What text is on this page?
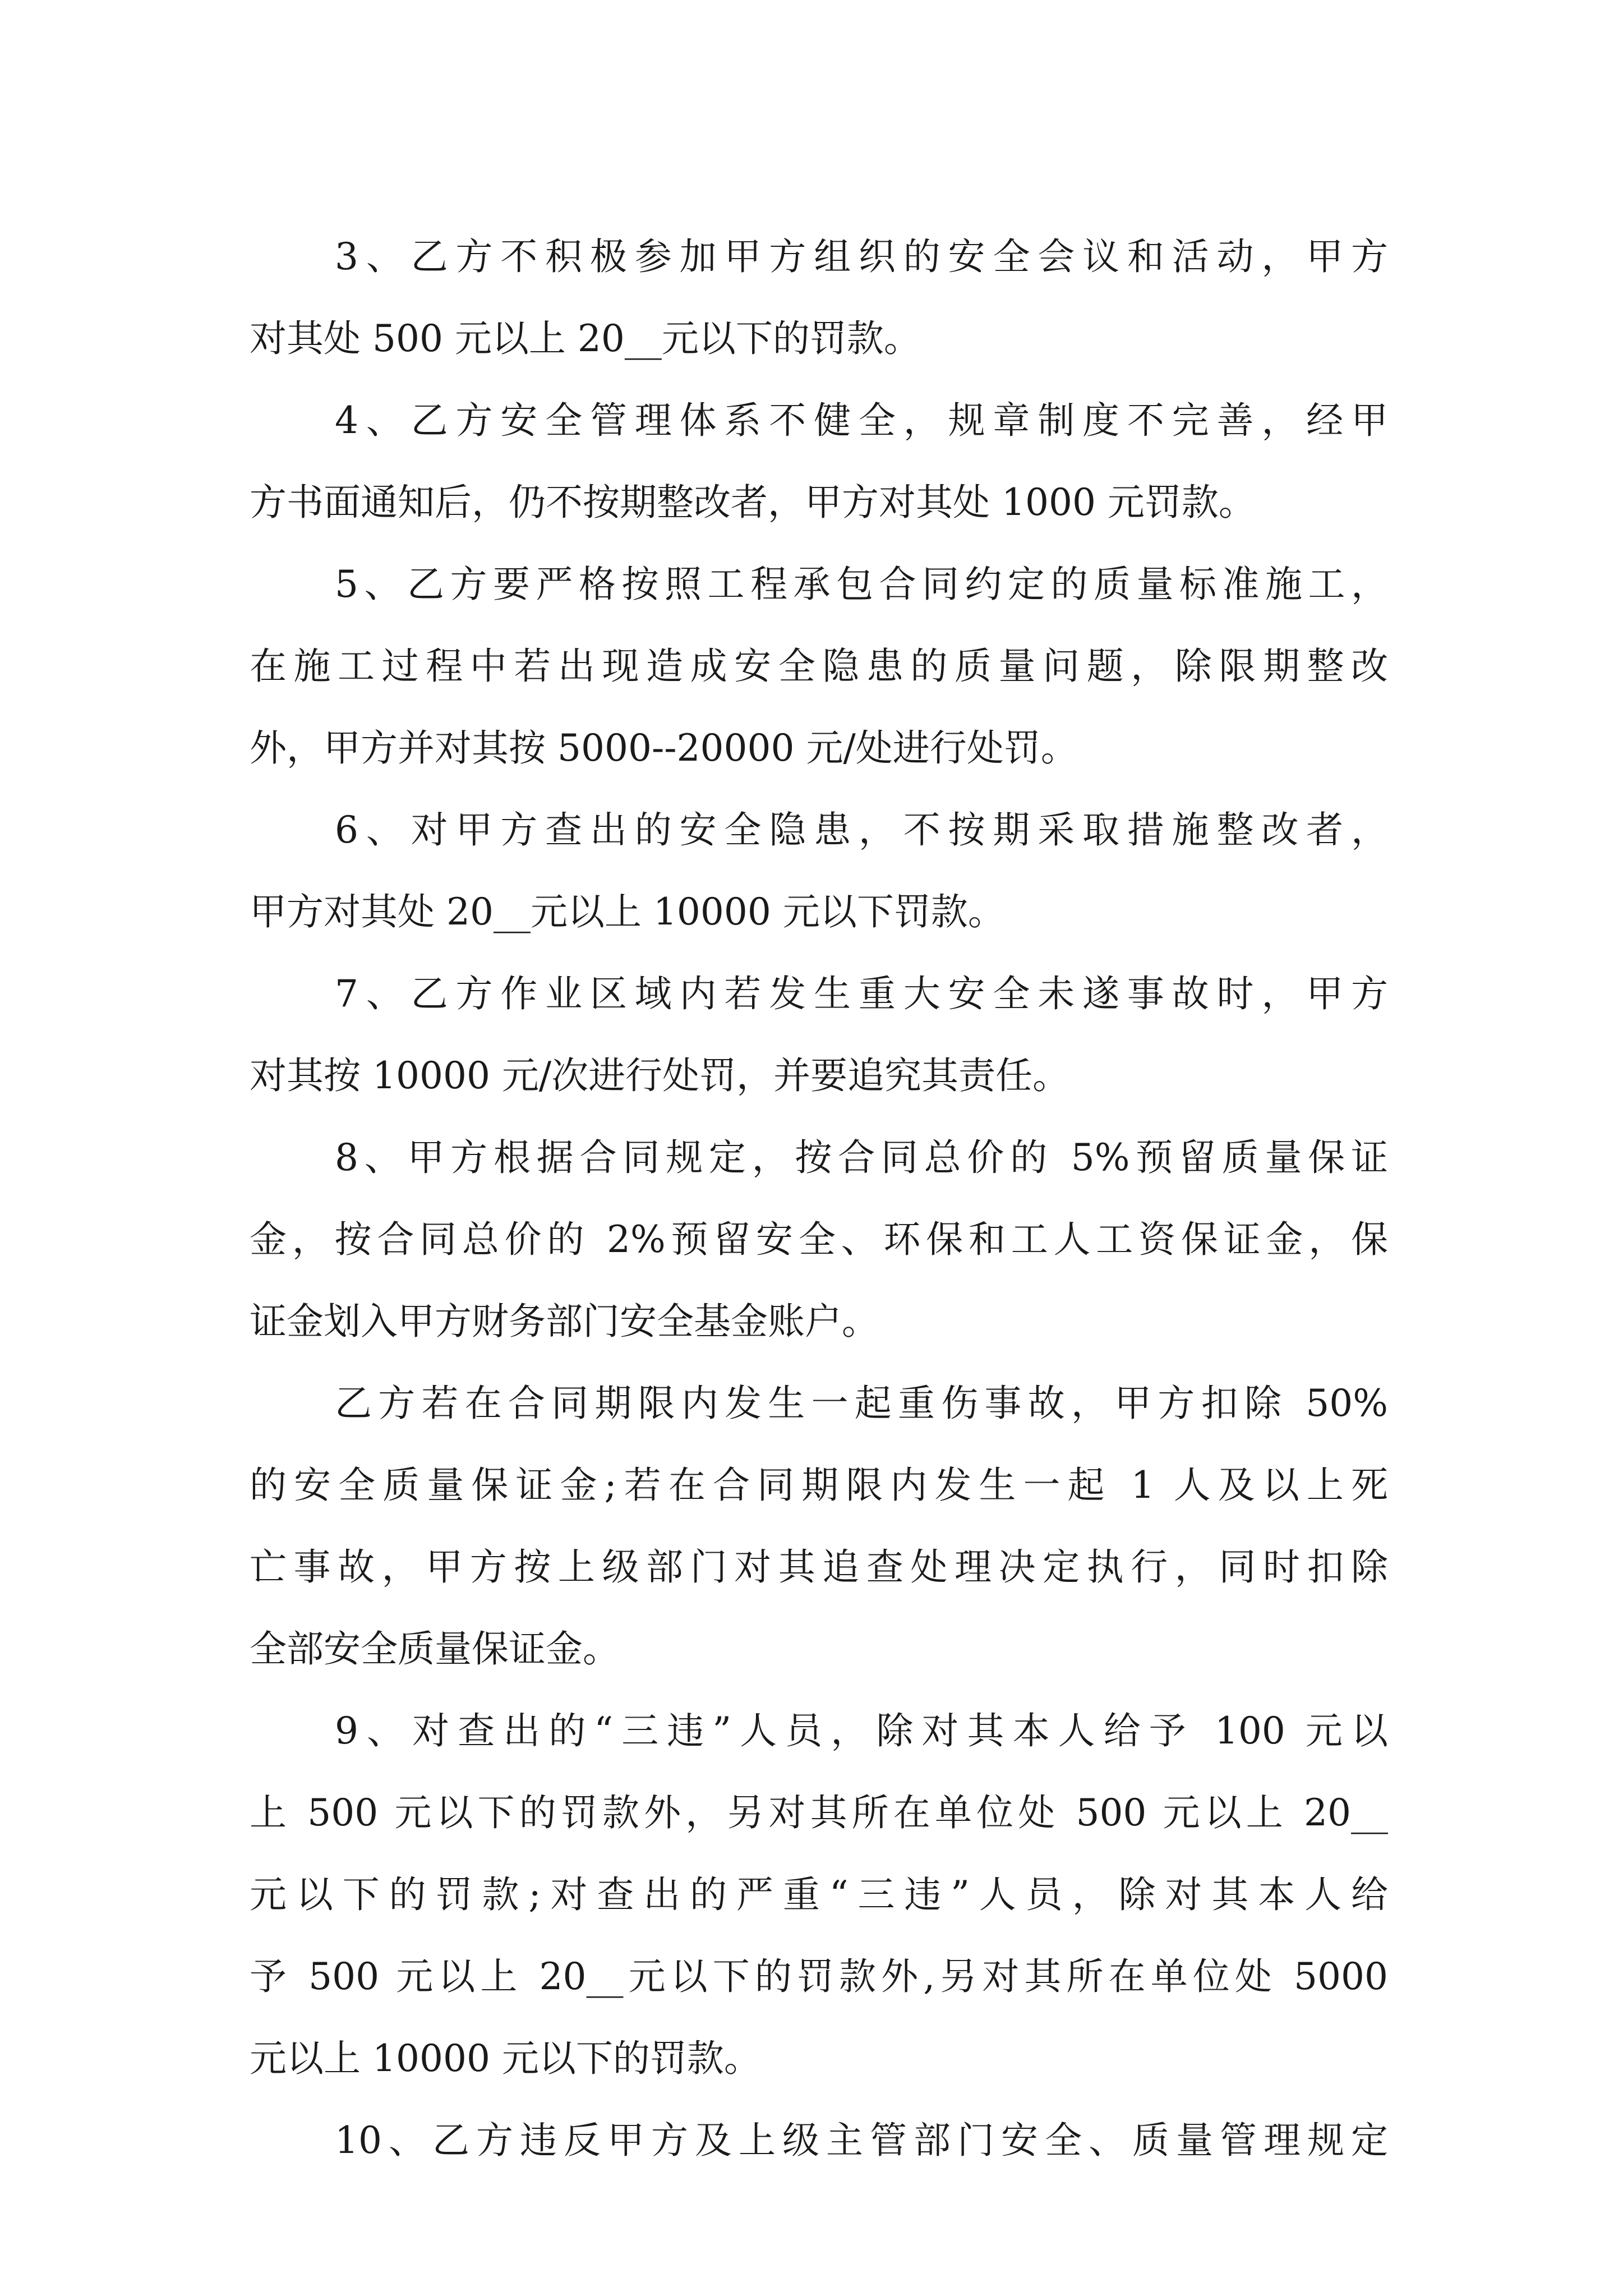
3、乙方不积极参加甲方组织的安全会议和活动，甲方
对其处 500 元以上 20__元以下的罚款。
4、乙方安全管理体系不健全，规章制度不完善，经甲
方书面通知后，仍不按期整改者，甲方对其处 1000 元罚款。
5、乙方要严格按照工程承包合同约定的质量标准施工，
在施工过程中若出现造成安全隐患的质量问题，除限期整改
外，甲方并对其按 5000--20000 元/处进行处罚。
6、对甲方查出的安全隐患，不按期采取措施整改者，
甲方对其处 20__元以上 10000 元以下罚款。
7、乙方作业区域内若发生重大安全未遂事故时，甲方
对其按 10000 元/次进行处罚，并要追究其责任。
8、甲方根据合同规定，按合同总价的 5%预留质量保证
金，按合同总价的 2%预留安全、环保和工人工资保证金，保
证金划入甲方财务部门安全基金账户。
乙方若在合同期限内发生一起重伤事故，甲方扣除 50%
的安全质量保证金;若在合同期限内发生一起 1 人及以上死
亡事故，甲方按上级部门对其追查处理决定执行，同时扣除
全部安全质量保证金。
9、对查出的“三违”人员，除对其本人给予 100 元以
上 500 元以下的罚款外，另对其所在单位处 500 元以上 20__
元以下的罚款;对查出的严重“三违”人员，除对其本人给
予 500 元以上 20__元以下的罚款外,另对其所在单位处 5000
元以上 10000 元以下的罚款。
10、乙方违反甲方及上级主管部门安全、质量管理规定
